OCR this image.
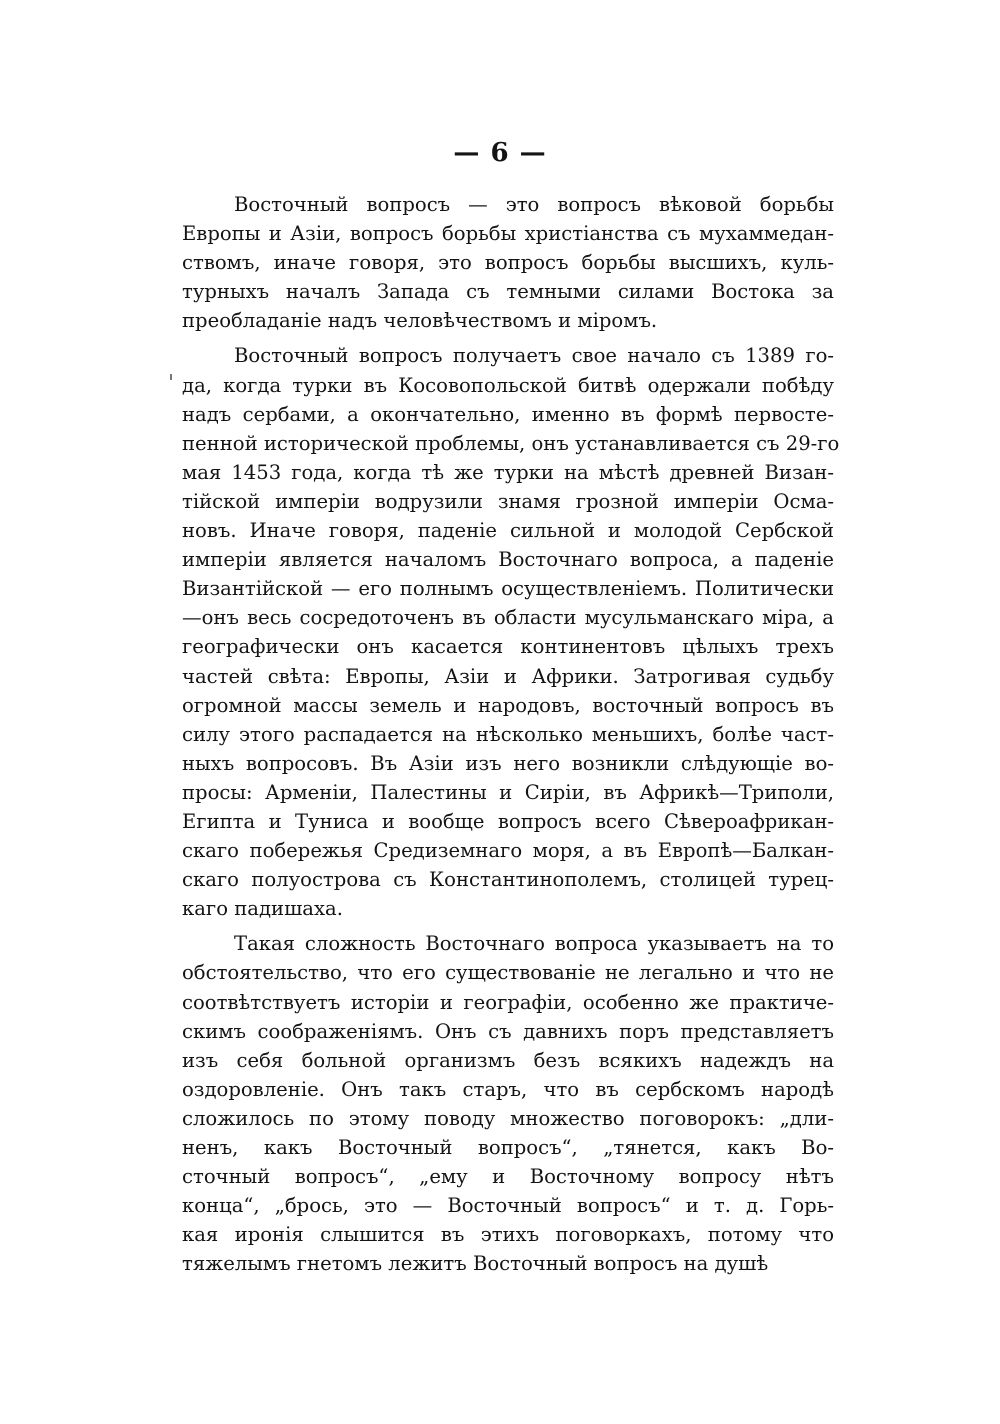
— 6 —
Восточный вопросъ — это вопросъ вѣковой борьбы
Европы и Азіи, вопросъ борьбы христіанства съ мухаммедан-
ствомъ, иначе говоря, это вопросъ борьбы высшихъ, куль-
турныхъ началъ Запада съ темными силами Востока за
преобладаніе надъ человѣчествомъ и міромъ.
Восточный вопросъ получаетъ свое начало съ 1389 го-
да, когда турки въ Косовопольской битвѣ одержали побѣду
надъ сербами, а окончательно, именно въ формѣ первосте-
пенной исторической проблемы, онъ устанавливается съ 29-го
мая 1453 года, когда тѣ же турки на мѣстѣ древней Визан-
тійской имперіи водрузили знамя грозной имперіи Осма-
новъ. Иначе говоря, паденіе сильной и молодой Сербской
имперіи является началомъ Восточнаго вопроса, а паденіе
Византійской — его полнымъ осуществленіемъ. Политически
—онъ весь сосредоточенъ въ области мусульманскаго міра, а
географически онъ касается континентовъ цѣлыхъ трехъ
частей свѣта: Европы, Азіи и Африки. Затрогивая судьбу
огромной массы земель и народовъ, восточный вопросъ въ
силу этого распадается на нѣсколько меньшихъ, болѣе част-
ныхъ вопросовъ. Въ Азіи изъ него возникли слѣдующіе во-
просы: Арменіи, Палестины и Сиріи, въ Африкѣ—Триполи,
Египта и Туниса и вообще вопросъ всего Сѣвероафрикан-
скаго побережья Средиземнаго моря, а въ Европѣ—Балкан-
скаго полуострова съ Константинополемъ, столицей турец-
каго падишаха.
Такая сложность Восточнаго вопроса указываетъ на то
обстоятельство, что его существованіе не легально и что не
соотвѣтствуетъ исторіи и географіи, особенно же практиче-
скимъ соображеніямъ. Онъ съ давнихъ поръ представляетъ
изъ себя больной организмъ безъ всякихъ надеждъ на
оздоровленіе. Онъ такъ старъ, что въ сербскомъ народѣ
сложилось по этому поводу множество поговорокъ: „дли-
ненъ, какъ Восточный вопросъ“, „тянется, какъ Во-
сточный вопросъ“, „ему и Восточному вопросу нѣтъ
конца“, „брось, это — Восточный вопросъ“ и т. д. Горь-
кая иронія слышится въ этихъ поговоркахъ, потому что
тяжелымъ гнетомъ лежитъ Восточный вопросъ на душѣ
